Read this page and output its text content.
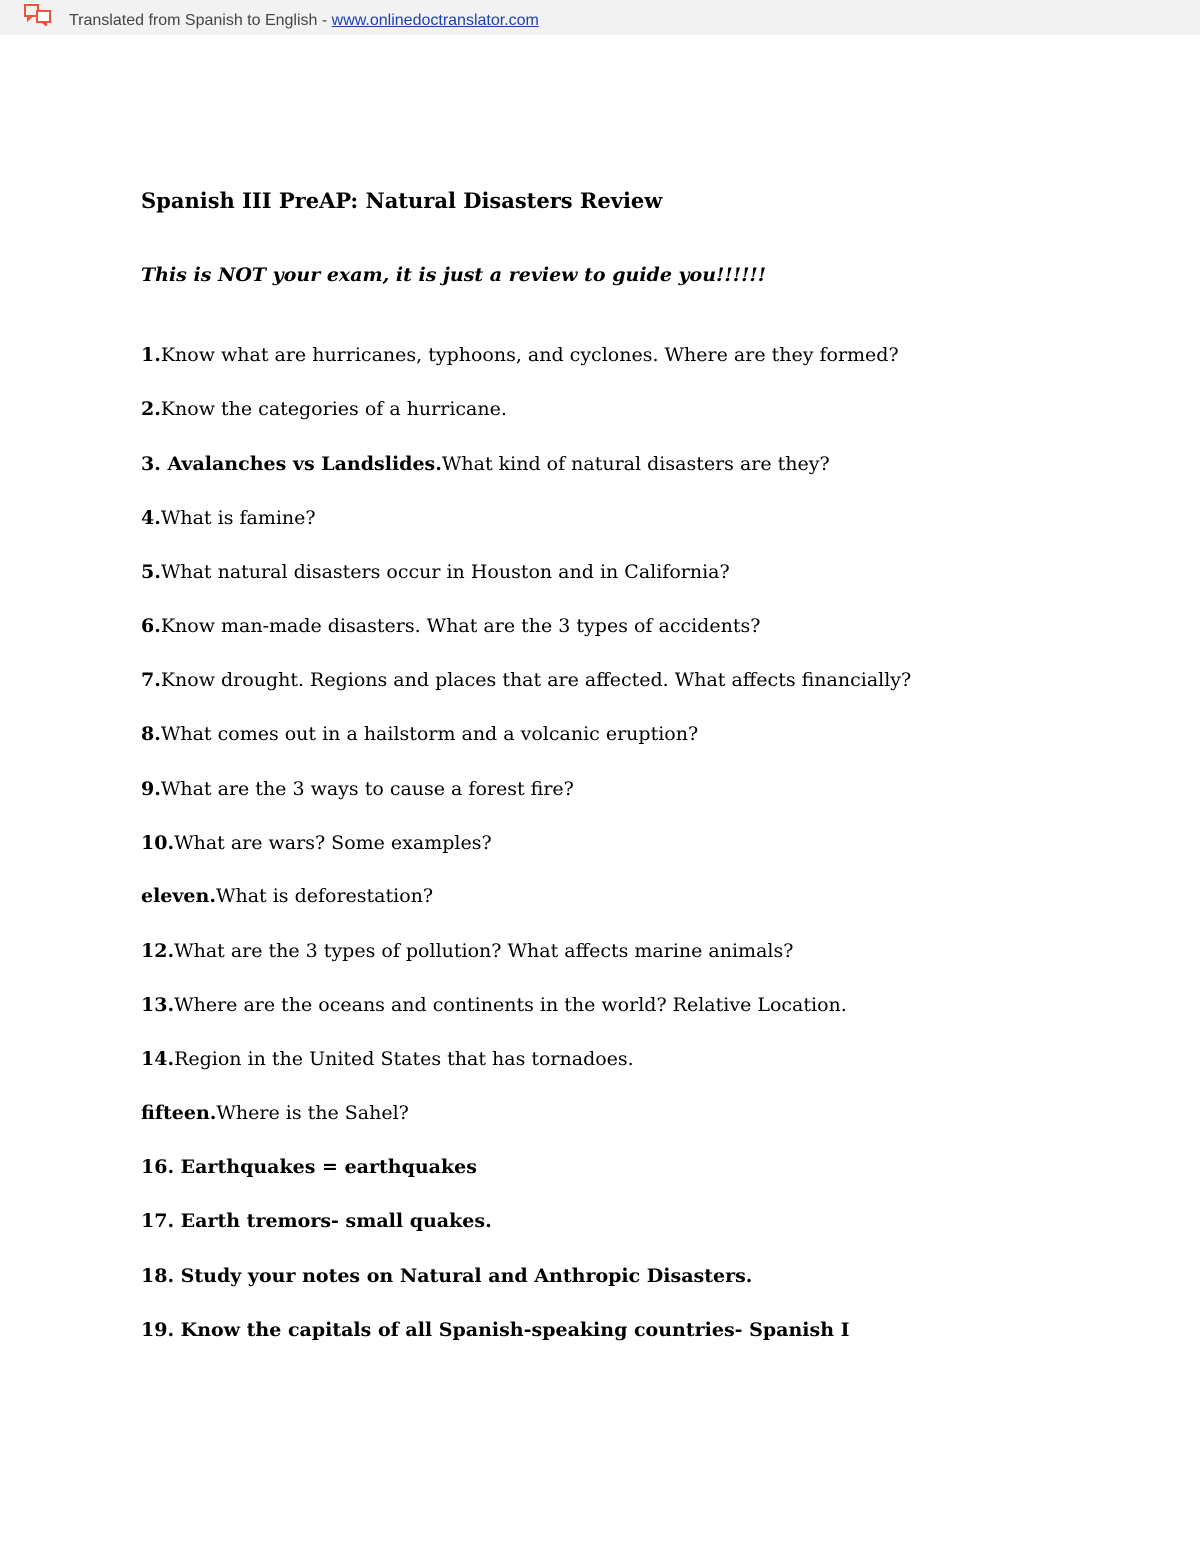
Translated from Spanish to English - www.onlinedoctranslator.com
Spanish III PreAP: Natural Disasters Review
This is NOT your exam, it is just a review to guide you!!!!!!
1.Know what are hurricanes, typhoons, and cyclones. Where are they formed?
2.Know the categories of a hurricane.
3. Avalanches vs Landslides.What kind of natural disasters are they?
4.What is famine?
5.What natural disasters occur in Houston and in California?
6.Know man-made disasters. What are the 3 types of accidents?
7.Know drought. Regions and places that are affected. What affects financially?
8.What comes out in a hailstorm and a volcanic eruption?
9.What are the 3 ways to cause a forest fire?
10.What are wars? Some examples?
eleven.What is deforestation?
12.What are the 3 types of pollution? What affects marine animals?
13.Where are the oceans and continents in the world? Relative Location.
14.Region in the United States that has tornadoes.
fifteen.Where is the Sahel?
16. Earthquakes = earthquakes
17. Earth tremors- small quakes.
18. Study your notes on Natural and Anthropic Disasters.
19. Know the capitals of all Spanish-speaking countries- Spanish I
